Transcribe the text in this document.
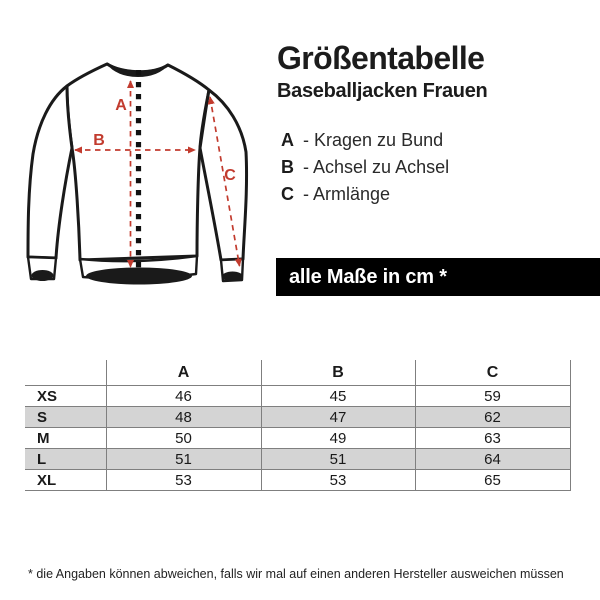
A
B
C
Größentabelle
Baseballjacken Frauen
A - Kragen zu Bund
B - Achsel zu Achsel
C - Armlänge
alle Maße in cm *
	A	B	C
XS	46	45	59
S	48	47	62
M	50	49	63
L	51	51	64
XL	53	53	65
* die Angaben können abweichen, falls wir mal auf einen anderen Hersteller ausweichen müssen
